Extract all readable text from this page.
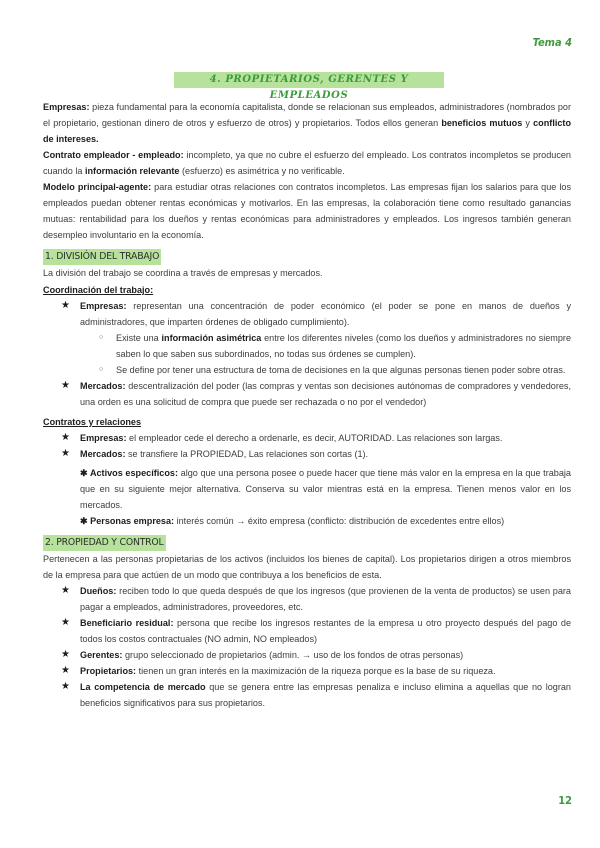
Tema 4
4. PROPIETARIOS, GERENTES Y EMPLEADOS

Empresas: pieza fundamental para la economía capitalista, donde se relacionan sus empleados, administradores (nombrados por el propietario, gestionan dinero de otros y esfuerzo de otros) y propietarios. Todos ellos generan beneficios mutuos y conflicto de intereses.

Contrato empleador - empleado: incompleto, ya que no cubre el esfuerzo del empleado. Los contratos incompletos se producen cuando la información relevante (esfuerzo) es asimétrica y no verificable.

Modelo principal-agente: para estudiar otras relaciones con contratos incompletos. Las empresas fijan los salarios para que los empleados puedan obtener rentas económicas y motivarlos. En las empresas, la colaboración tiene como resultado ganancias mutuas: rentabilidad para los dueños y rentas económicas para administradores y empleados. Los ingresos también generan desempleo involuntario en la economía.

1. DIVISIÓN DEL TRABAJO

La división del trabajo se coordina a través de empresas y mercados.

Coordinación del trabajo:
★ Empresas: representan una concentración de poder económico (el poder se pone en manos de dueños y administradores, que imparten órdenes de obligado cumplimiento).
○ Existe una información asimétrica entre los diferentes niveles (como los dueños y administradores no siempre saben lo que saben sus subordinados, no todas sus órdenes se cumplen).
○ Se define por tener una estructura de toma de decisiones en la que algunas personas tienen poder sobre otras.
★ Mercados: descentralización del poder (las compras y ventas son decisiones autónomas de compradores y vendedores, una orden es una solicitud de compra que puede ser rechazada o no por el vendedor)
Contratos y relaciones
★ Empresas: el empleador cede el derecho a ordenarle, es decir, AUTORIDAD. Las relaciones son largas.
★ Mercados: se transfiere la PROPIEDAD, Las relaciones son cortas (1).

✱ Activos específicos: algo que una persona posee o puede hacer que tiene más valor en la empresa en la que trabaja que en su siguiente mejor alternativa. Conserva su valor mientras está en la empresa. Tienen menos valor en los mercados.

✱ Personas empresa: interés común → éxito empresa (conflicto: distribución de excedentes entre ellos)

2. PROPIEDAD Y CONTROL

Pertenecen a las personas propietarias de los activos (incluidos los bienes de capital). Los propietarios dirigen a otros miembros de la empresa para que actúen de un modo que contribuya a los beneficios de esta.

★ Dueños: reciben todo lo que queda después de que los ingresos (que provienen de la venta de productos) se usen para pagar a empleados, administradores, proveedores, etc.
★ Beneficiario residual: persona que recibe los ingresos restantes de la empresa u otro proyecto después del pago de todos los costos contractuales (NO admin, NO empleados)
★ Gerentes: grupo seleccionado de propietarios (admin. → uso de los fondos de otras personas)
★ Propietarios: tienen un gran interés en la maximización de la riqueza porque es la base de su riqueza.
★ La competencia de mercado que se genera entre las empresas penaliza e incluso elimina a aquellas que no logran beneficios significativos para sus propietarios.
12
